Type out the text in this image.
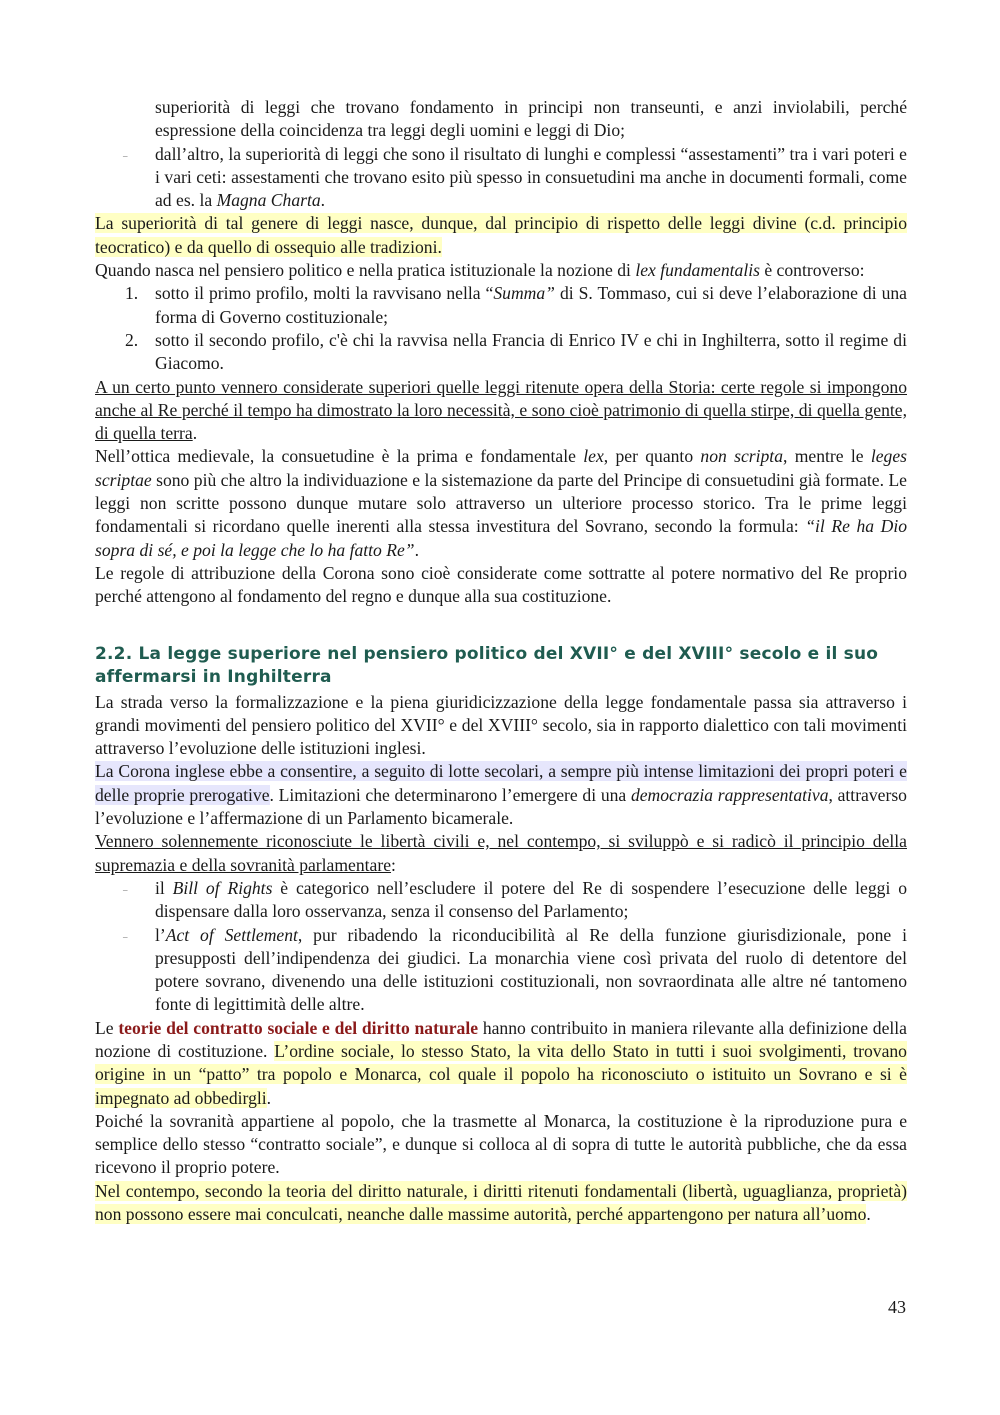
superiorità di leggi che trovano fondamento in principi non transeunti, e anzi inviolabili, perché espressione della coincidenza tra leggi degli uomini e leggi di Dio;

– dall’altro, la superiorità di leggi che sono il risultato di lunghi e complessi “assestamenti” tra i vari poteri e i vari ceti: assestamenti che trovano esito più spesso in consuetudini ma anche in documenti formali, come ad es. la Magna Charta.

La superiorità di tal genere di leggi nasce, dunque, dal principio di rispetto delle leggi divine (c.d. principio teocratico) e da quello di ossequio alle tradizioni.

Quando nasca nel pensiero politico e nella pratica istituzionale la nozione di lex fundamentalis è controverso:

1. sotto il primo profilo, molti la ravvisano nella “Summa” di S. Tommaso, cui si deve l’elaborazione di una forma di Governo costituzionale;

2. sotto il secondo profilo, c'è chi la ravvisa nella Francia di Enrico IV e chi in Inghilterra, sotto il regime di Giacomo.

A un certo punto vennero considerate superiori quelle leggi ritenute opera della Storia: certe regole si impongono anche al Re perché il tempo ha dimostrato la loro necessità, e sono cioè patrimonio di quella stirpe, di quella gente, di quella terra.

Nell’ottica medievale, la consuetudine è la prima e fondamentale lex, per quanto non scripta, mentre le leges scriptae sono più che altro la individuazione e la sistemazione da parte del Principe di consuetudini già formate. Le leggi non scritte possono dunque mutare solo attraverso un ulteriore processo storico. Tra le prime leggi fondamentali si ricordano quelle inerenti alla stessa investitura del Sovrano, secondo la formula: “il Re ha Dio sopra di sé, e poi la legge che lo ha fatto Re”.

Le regole di attribuzione della Corona sono cioè considerate come sottratte al potere normativo del Re proprio perché attengono al fondamento del regno e dunque alla sua costituzione.

2.2. La legge superiore nel pensiero politico del XVII° e del XVIII° secolo e il suo affermarsi in Inghilterra

La strada verso la formalizzazione e la piena giuridicizzazione della legge fondamentale passa sia attraverso i grandi movimenti del pensiero politico del XVII° e del XVIII° secolo, sia in rapporto dialettico con tali movimenti attraverso l’evoluzione delle istituzioni inglesi.

La Corona inglese ebbe a consentire, a seguito di lotte secolari, a sempre più intense limitazioni dei propri poteri e delle proprie prerogative. Limitazioni che determinarono l’emergere di una democrazia rappresentativa, attraverso l’evoluzione e l’affermazione di un Parlamento bicamerale.

Vennero solennemente riconosciute le libertà civili e, nel contempo, si sviluppò e si radicò il principio della supremazia e della sovranità parlamentare:

– il Bill of Rights è categorico nell’escludere il potere del Re di sospendere l’esecuzione delle leggi o dispensare dalla loro osservanza, senza il consenso del Parlamento;

– l’Act of Settlement, pur ribadendo la riconducibilità al Re della funzione giurisdizionale, pone i presupposti dell’indipendenza dei giudici. La monarchia viene così privata del ruolo di detentore del potere sovrano, divenendo una delle istituzioni costituzionali, non sovraordinata alle altre né tantomeno fonte di legittimità delle altre.

Le teorie del contratto sociale e del diritto naturale hanno contribuito in maniera rilevante alla definizione della nozione di costituzione. L’ordine sociale, lo stesso Stato, la vita dello Stato in tutti i suoi svolgimenti, trovano origine in un “patto” tra popolo e Monarca, col quale il popolo ha riconosciuto o istituito un Sovrano e si è impegnato ad obbedirgli.

Poiché la sovranità appartiene al popolo, che la trasmette al Monarca, la costituzione è la riproduzione pura e semplice dello stesso “contratto sociale”, e dunque si colloca al di sopra di tutte le autorità pubbliche, che da essa ricevono il proprio potere.

Nel contempo, secondo la teoria del diritto naturale, i diritti ritenuti fondamentali (libertà, uguaglianza, proprietà) non possono essere mai conculcati, neanche dalle massime autorità, perché appartengono per natura all’uomo.

43
